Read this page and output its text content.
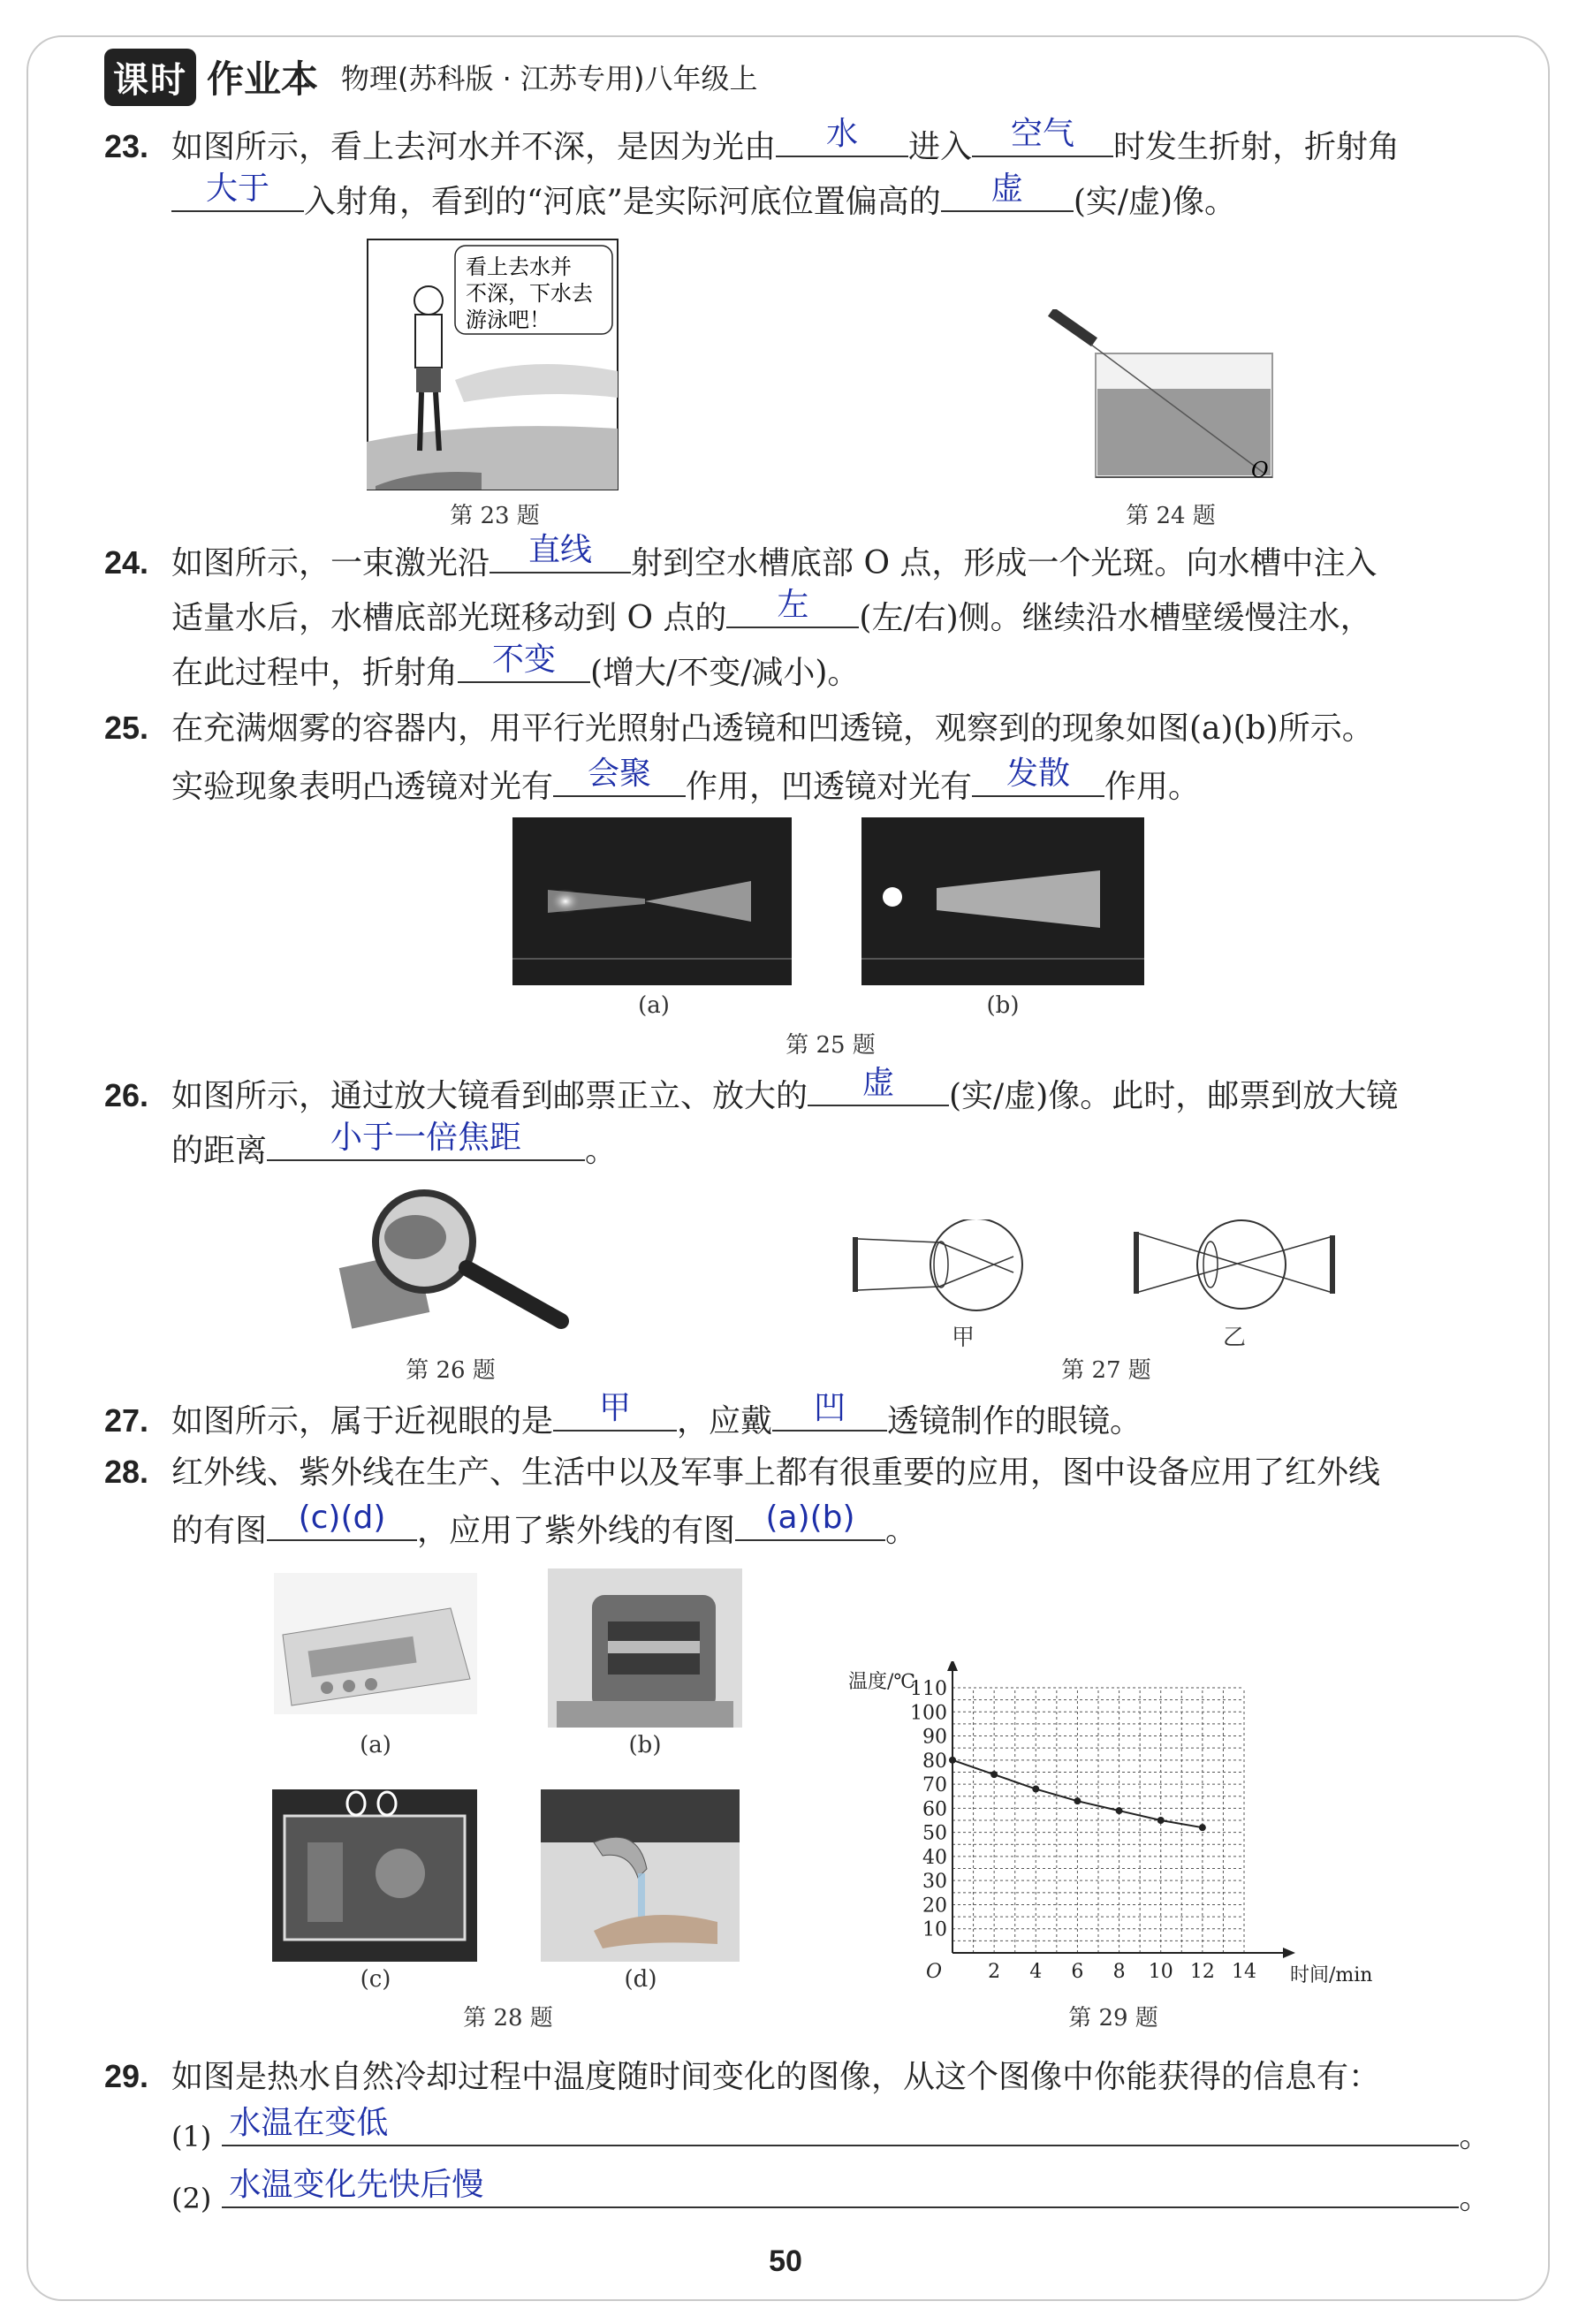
课时 作业本 物理(苏科版 · 江苏专用)八年级上
23. 如图所示，看上去河水并不深，是因为光由	水	进入	空气	时发生折射，折射角
大于	入射角，看到的“河底”是实际河底位置偏高的	虚	(实/虚)像。
看上去水并
不深，下水去
游泳吧！
第 23 题
O
第 24 题
24. 如图所示，一束激光沿	直线	射到空水槽底部 O 点，形成一个光斑。向水槽中注入
适量水后，水槽底部光斑移动到 O 点的	左	(左/右)侧。继续沿水槽壁缓慢注水，
在此过程中，折射角	不变	(增大/不变/减小)。
25. 在充满烟雾的容器内，用平行光照射凸透镜和凹透镜，观察到的现象如图(a)(b)所示。
实验现象表明凸透镜对光有	会聚	作用，凹透镜对光有	发散	作用。
(a)	(b)
第 25 题
26. 如图所示，通过放大镜看到邮票正立、放大的	虚	(实/虚)像。此时，邮票到放大镜
的距离	小于一倍焦距	。
第 26 题
甲	乙
第 27 题
27. 如图所示，属于近视眼的是	甲	，应戴	凹	透镜制作的眼镜。
28. 红外线、紫外线在生产、生活中以及军事上都有很重要的应用，图中设备应用了红外线
的有图 (c)(d) ，应用了紫外线的有图 (a)(b) 。
(a)	(b)
(c)	(d)
第 28 题
温度/℃
时间/min
O 2 4 6 8 10 12 14
10
20
30
40
50
60
70
80
90
100
110
第 29 题
29. 如图是热水自然冷却过程中温度随时间变化的图像，从这个图像中你能获得的信息有：
(1) 水温在变低	。
(2) 水温变化先快后慢	。
50
